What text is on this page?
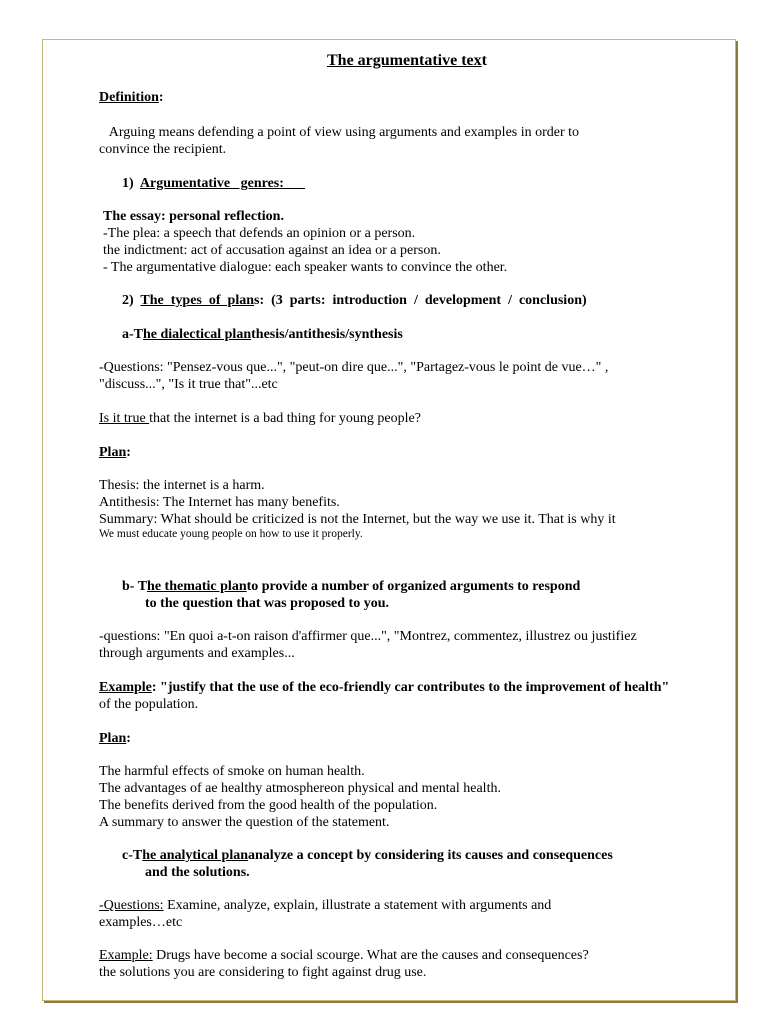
The argumentative text
Definition:
Arguing means defending a point of view using arguments and examples in order to
convince the recipient.
1) Argumentative   genres:
The essay: personal reflection.
-The plea: a speech that defends an opinion or a person.
the indictment: act of accusation against an idea or a person.
- The argumentative dialogue: each speaker wants to convince the other.
2) The  types  of  plans:  (3  parts:  introduction  /  development  /  conclusion)
a-The dialectical planthesis/antithesis/synthesis
-Questions: "Pensez-vous que...", "peut-on dire que...", "Partagez-vous le point de vue…" ,
"discuss...", "Is it true that"...etc
Is it true that the internet is a bad thing for young people?
Plan:
Thesis: the internet is a harm.
Antithesis: The Internet has many benefits.
Summary: What should be criticized is not the Internet, but the way we use it. That is why it
We must educate young people on how to use it properly.
b- The thematic planto provide a number of organized arguments to respond
to the question that was proposed to you.
-questions: "En quoi a-t-on raison d'affirmer que...", "Montrez, commentez, illustrez ou justifiez
through arguments and examples...
Example: "justify that the use of the eco-friendly car contributes to the improvement of health"
of the population.
Plan:
The harmful effects of smoke on human health.
The advantages of ae healthy atmosphereon physical and mental health.
The benefits derived from the good health of the population.
A summary to answer the question of the statement.
c-The analytical plananalyze a concept by considering its causes and consequences
and the solutions.
-Questions: Examine, analyze, explain, illustrate a statement with arguments and
examples…etc
Example: Drugs have become a social scourge. What are the causes and consequences?
the solutions you are considering to fight against drug use.
